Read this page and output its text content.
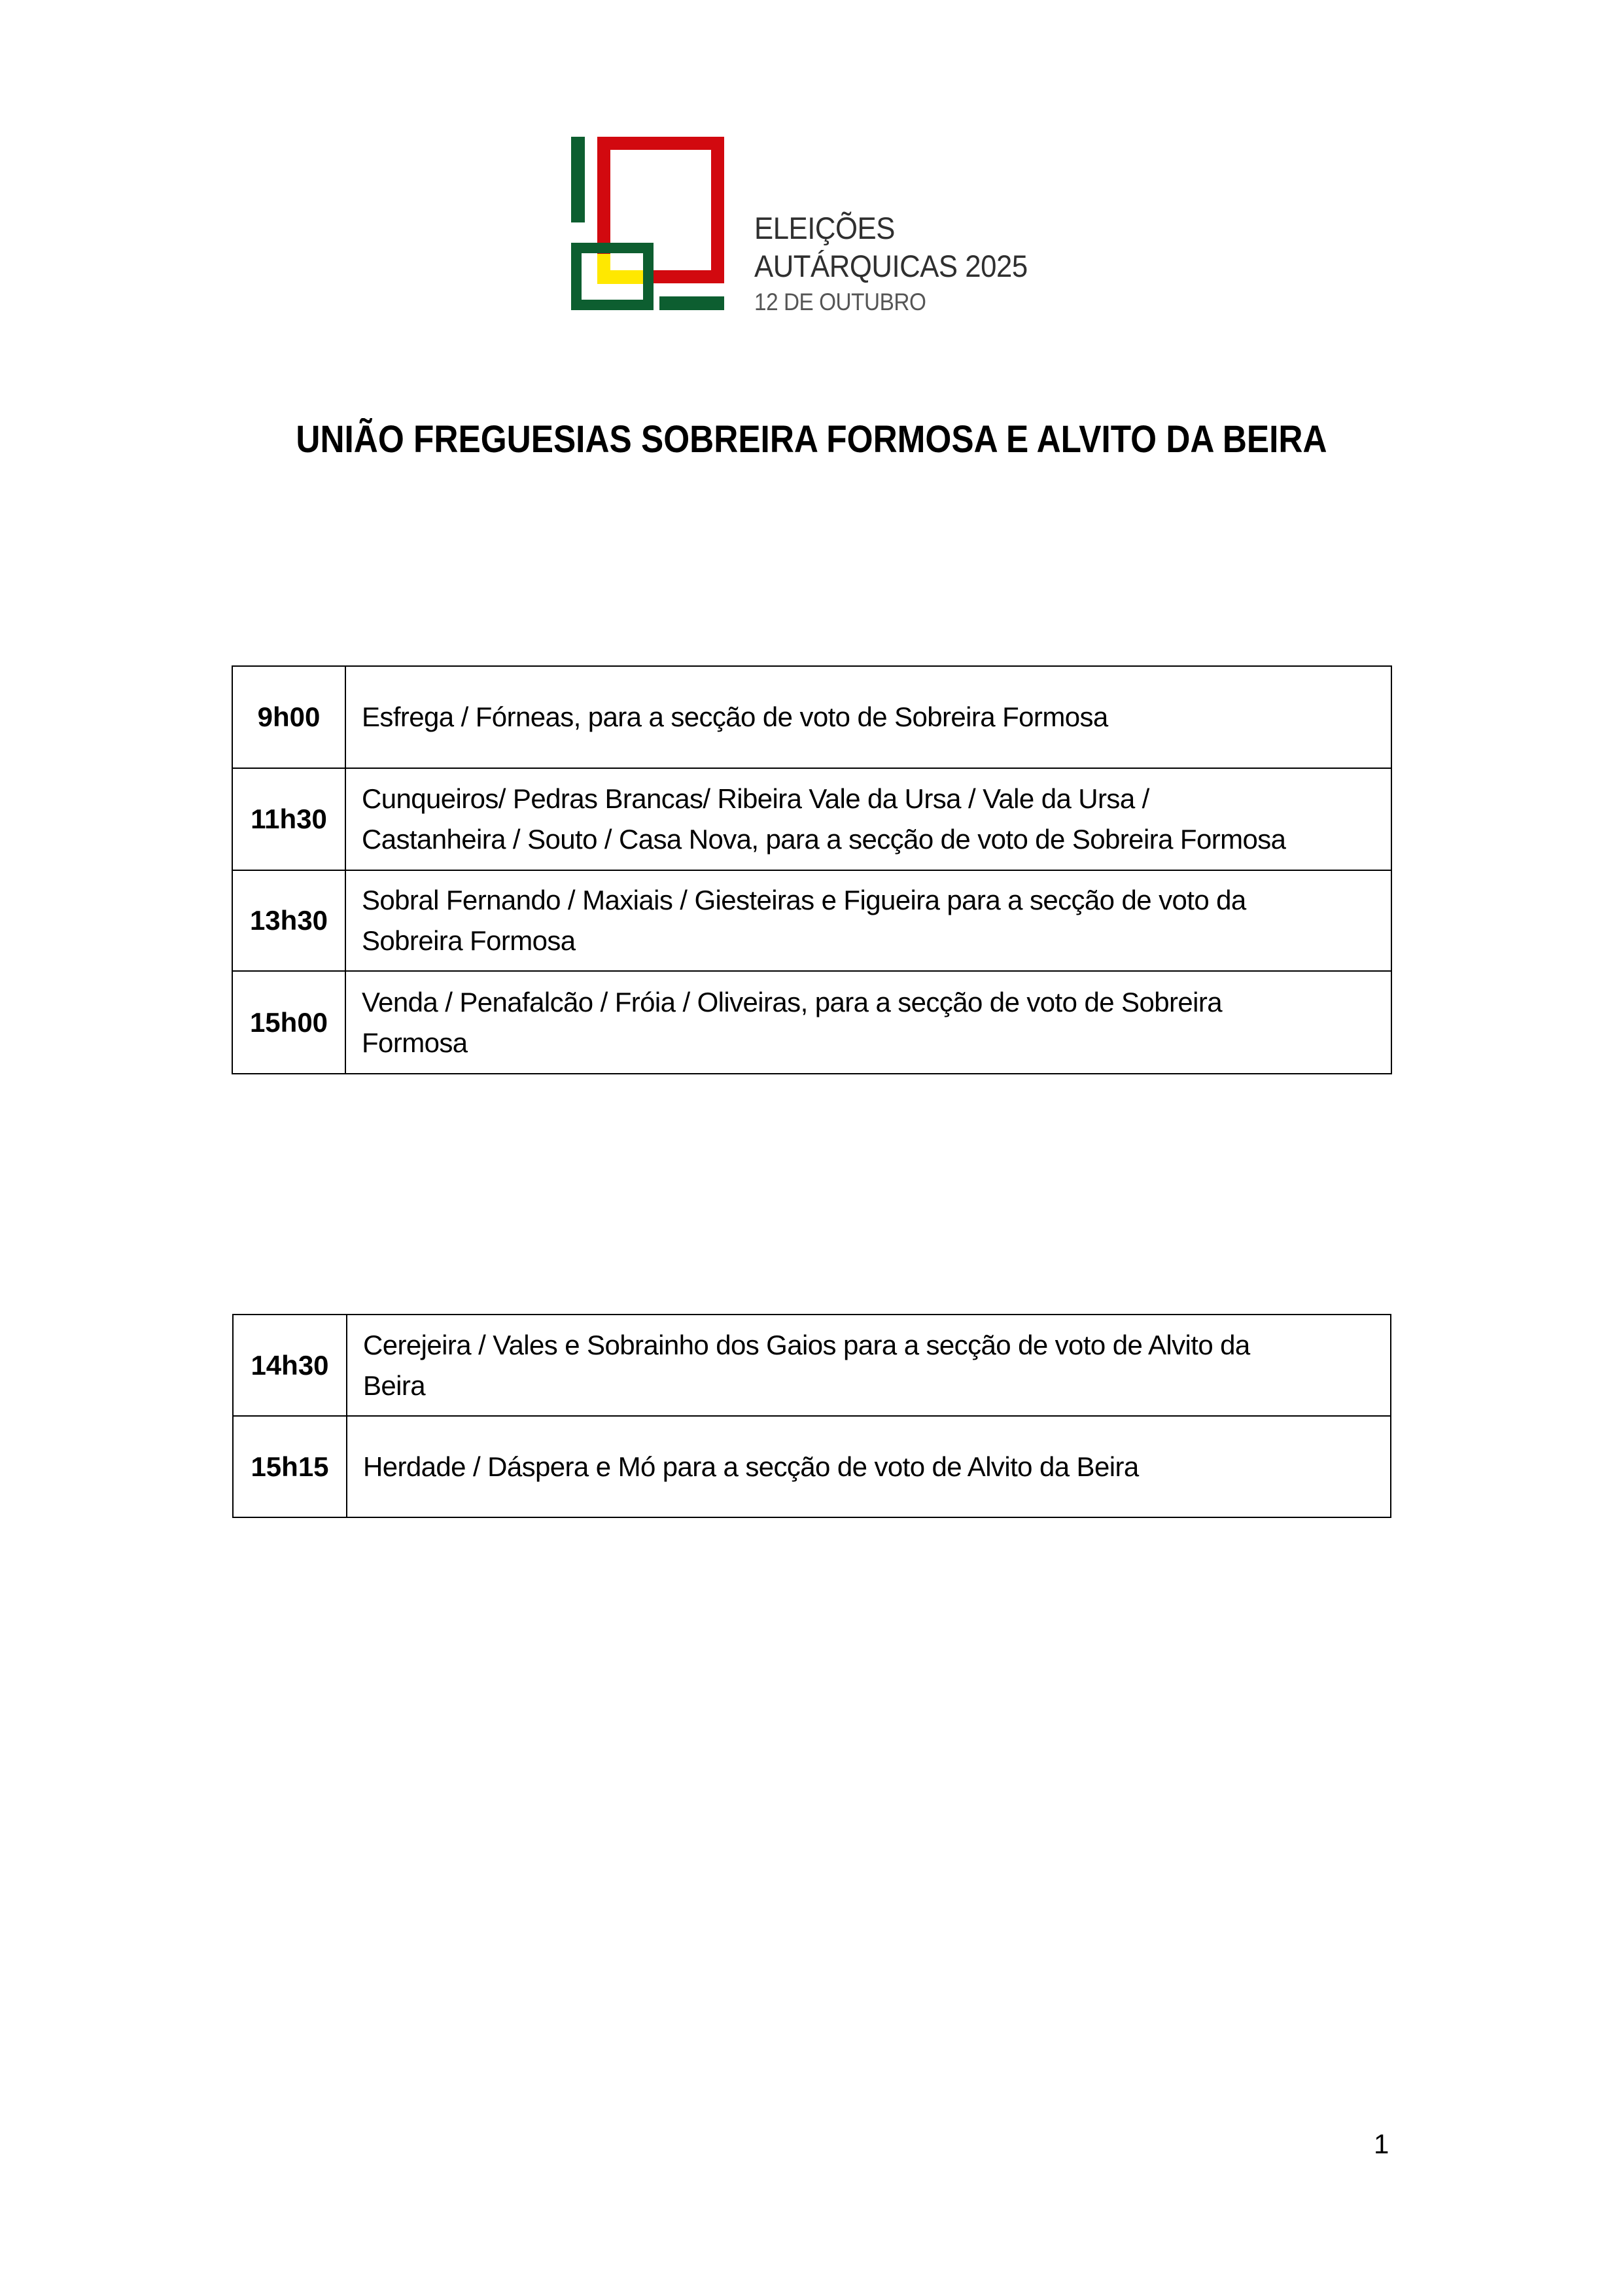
ELEIÇÕES
AUTÁRQUICAS 2025
12 DE OUTUBRO
UNIÃO FREGUESIAS SOBREIRA FORMOSA E ALVITO DA BEIRA
9h00	Esfrega / Fórneas, para a secção de voto de Sobreira Formosa

11h30	Cunqueiros/ Pedras Brancas/ Ribeira Vale da Ursa / Vale da Ursa /
Castanheira / Souto / Casa Nova, para a secção de voto de Sobreira Formosa

13h30	Sobral Fernando / Maxiais / Giesteiras e Figueira para a secção de voto da
Sobreira Formosa

15h00	Venda / Penafalcão / Fróia / Oliveiras, para a secção de voto de Sobreira
Formosa
14h30	Cerejeira / Vales e Sobrainho dos Gaios para a secção de voto de Alvito da
Beira

15h15	Herdade / Dáspera e Mó para a secção de voto de Alvito da Beira
1
